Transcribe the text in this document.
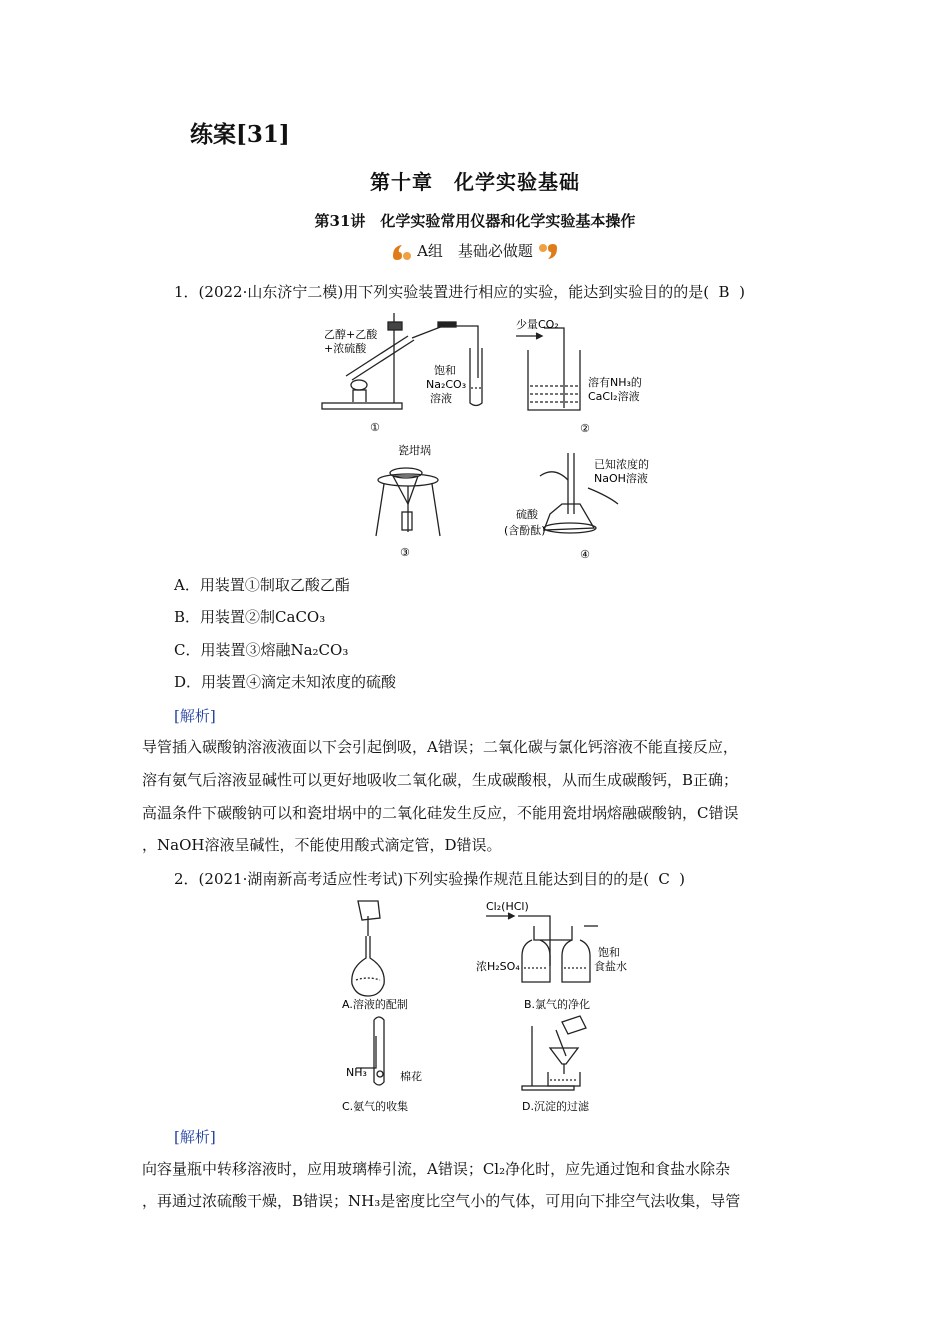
练案[31]
第十章　化学实验基础
第31讲　化学实验常用仪器和化学实验基本操作
A组　基础必做题
1．(2022·山东济宁二模)用下列实验装置进行相应的实验，能达到实验目的的是( B )
乙醇+乙酸
+浓硫酸
饱和
Na₂CO₃
溶液
①
少量CO₂
溶有NH₃的
CaCl₂溶液
②
瓷坩埚
③
已知浓度的
NaOH溶液
硫酸
(含酚酞)
④
A．用装置①制取乙酸乙酯
B．用装置②制CaCO₃
C．用装置③熔融Na₂CO₃
D．用装置④滴定未知浓度的硫酸
[解析]
导管插入碳酸钠溶液液面以下会引起倒吸，A错误；二氧化碳与氯化钙溶液不能直接反应，
溶有氨气后溶液显碱性可以更好地吸收二氧化碳，生成碳酸根，从而生成碳酸钙，B正确；
高温条件下碳酸钠可以和瓷坩埚中的二氧化硅发生反应，不能用瓷坩埚熔融碳酸钠，C错误
，NaOH溶液呈碱性，不能使用酸式滴定管，D错误。
2．(2021·湖南新高考适应性考试)下列实验操作规范且能达到目的的是( C )
A.溶液的配制
Cl₂(HCl)
浓H₂SO₄
饱和
食盐水
B.氯气的净化
NH₃	棉花
C.氨气的收集	D.沉淀的过滤
[解析]
向容量瓶中转移溶液时，应用玻璃棒引流，A错误；Cl₂净化时，应先通过饱和食盐水除杂
，再通过浓硫酸干燥，B错误；NH₃是密度比空气小的气体，可用向下排空气法收集，导管
